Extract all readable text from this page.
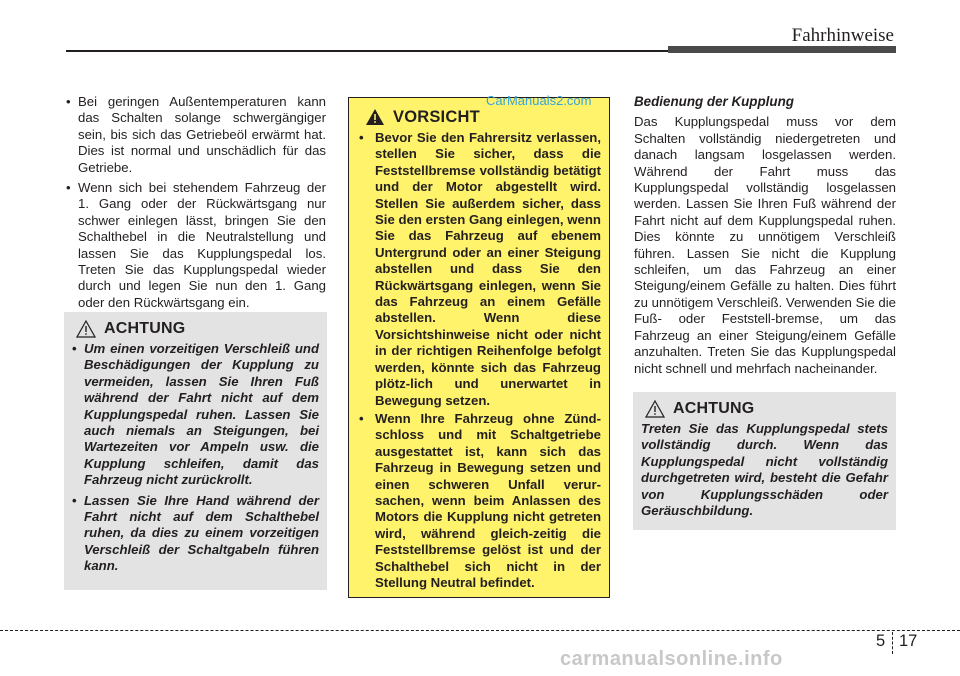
Fahrhinweise
• Bei geringen Außentemperaturen kann das Schalten solange schwergängiger sein, bis sich das Getriebeöl erwärmt hat. Dies ist normal und unschädlich für das Getriebe.
• Wenn sich bei stehendem Fahrzeug der 1. Gang oder der Rückwärtsgang nur schwer einlegen lässt, bringen Sie den Schalthebel in die Neutralstellung und lassen Sie das Kupplungspedal los. Treten Sie das Kupplungspedal wieder durch und legen Sie nun den 1. Gang oder den Rückwärtsgang ein.
ACHTUNG
• Um einen vorzeitigen Verschleiß und Beschädigungen der Kupplung zu vermeiden, lassen Sie Ihren Fuß während der Fahrt nicht auf dem Kupplungspedal ruhen. Lassen Sie auch niemals an Steigungen, bei Wartezeiten vor Ampeln usw. die Kupplung schleifen, damit das Fahrzeug nicht zurückrollt.
• Lassen Sie Ihre Hand während der Fahrt nicht auf dem Schalthebel ruhen, da dies zu einem vorzeitigen Verschleiß der Schaltgabeln führen kann.
VORSICHT
• Bevor Sie den Fahrersitz verlassen, stellen Sie sicher, dass die Feststellbremse vollständig betätigt und der Motor abgestellt wird. Stellen Sie außerdem sicher, dass Sie den ersten Gang einlegen, wenn Sie das Fahrzeug auf ebenem Untergrund oder an einer Steigung abstellen und dass Sie den Rückwärtsgang einlegen, wenn Sie das Fahrzeug an einem Gefälle abstellen. Wenn diese Vorsichtshinweise nicht oder nicht in der richtigen Reihenfolge befolgt werden, könnte sich das Fahrzeug plötz-lich und unerwartet in Bewegung setzen.
• Wenn Ihre Fahrzeug ohne Zünd-schloss und mit Schaltgetriebe ausgestattet ist, kann sich das Fahrzeug in Bewegung setzen und einen schweren Unfall verur-sachen, wenn beim Anlassen des Motors die Kupplung nicht getreten wird, während gleich-zeitig die Feststellbremse gelöst ist und der Schalthebel sich nicht in der Stellung Neutral befindet.
CarManuals2.com	Bedienung der Kupplung

Das Kupplungspedal muss vor dem Schalten vollständig niedergetreten und danach langsam losgelassen werden. Während der Fahrt muss das Kupplungspedal vollständig losgelassen werden. Lassen Sie Ihren Fuß während der Fahrt nicht auf dem Kupplungspedal ruhen. Dies könnte zu unnötigem Verschleiß führen. Lassen Sie nicht die Kupplung schleifen, um das Fahrzeug an einer Steigung/einem Gefälle zu halten. Dies führt zu unnötigem Verschleiß. Verwenden Sie die Fuß- oder Feststell-bremse, um das Fahrzeug an einer Steigung/einem Gefälle anzuhalten. Treten Sie das Kupplungspedal nicht schnell und mehrfach nacheinander.

ACHTUNG

Treten Sie das Kupplungspedal stets vollständig durch. Wenn das Kupplungspedal nicht vollständig durchgetreten wird, besteht die Gefahr von Kupplungsschäden oder Geräuschbildung.

5 17
carmanualsonline.info
